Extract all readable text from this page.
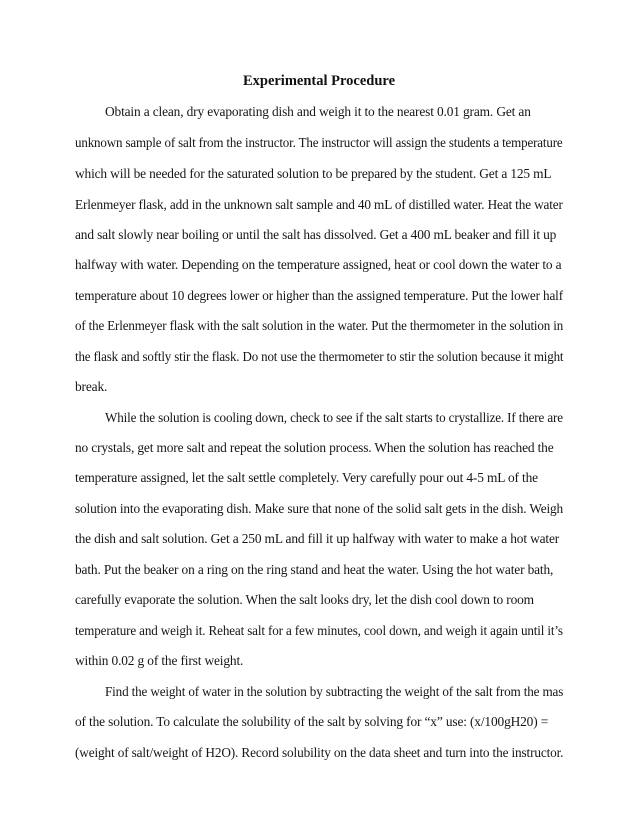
Experimental Procedure
Obtain a clean, dry evaporating dish and weigh it to the nearest 0.01 gram. Get an
unknown sample of salt from the instructor. The instructor will assign the students a temperature
which will be needed for the saturated solution to be prepared by the student. Get a 125 mL
Erlenmeyer flask, add in the unknown salt sample and 40 mL of distilled water. Heat the water
and salt slowly near boiling or until the salt has dissolved. Get a 400 mL beaker and fill it up
halfway with water. Depending on the temperature assigned, heat or cool down the water to a
temperature about 10 degrees lower or higher than the assigned temperature. Put the lower half
of the Erlenmeyer flask with the salt solution in the water. Put the thermometer in the solution in
the flask and softly stir the flask. Do not use the thermometer to stir the solution because it might
break.
While the solution is cooling down, check to see if the salt starts to crystallize. If there are
no crystals, get more salt and repeat the solution process. When the solution has reached the
temperature assigned, let the salt settle completely. Very carefully pour out 4-5 mL of the
solution into the evaporating dish. Make sure that none of the solid salt gets in the dish. Weigh
the dish and salt solution. Get a 250 mL and fill it up halfway with water to make a hot water
bath. Put the beaker on a ring on the ring stand and heat the water. Using the hot water bath,
carefully evaporate the solution. When the salt looks dry, let the dish cool down to room
temperature and weigh it. Reheat salt for a few minutes, cool down, and weigh it again until it’s
within 0.02 g of the first weight.
Find the weight of water in the solution by subtracting the weight of the salt from the mas
of the solution. To calculate the solubility of the salt by solving for “x” use: (x/100gH20) =
(weight of salt/weight of H2O). Record solubility on the data sheet and turn into the instructor.
